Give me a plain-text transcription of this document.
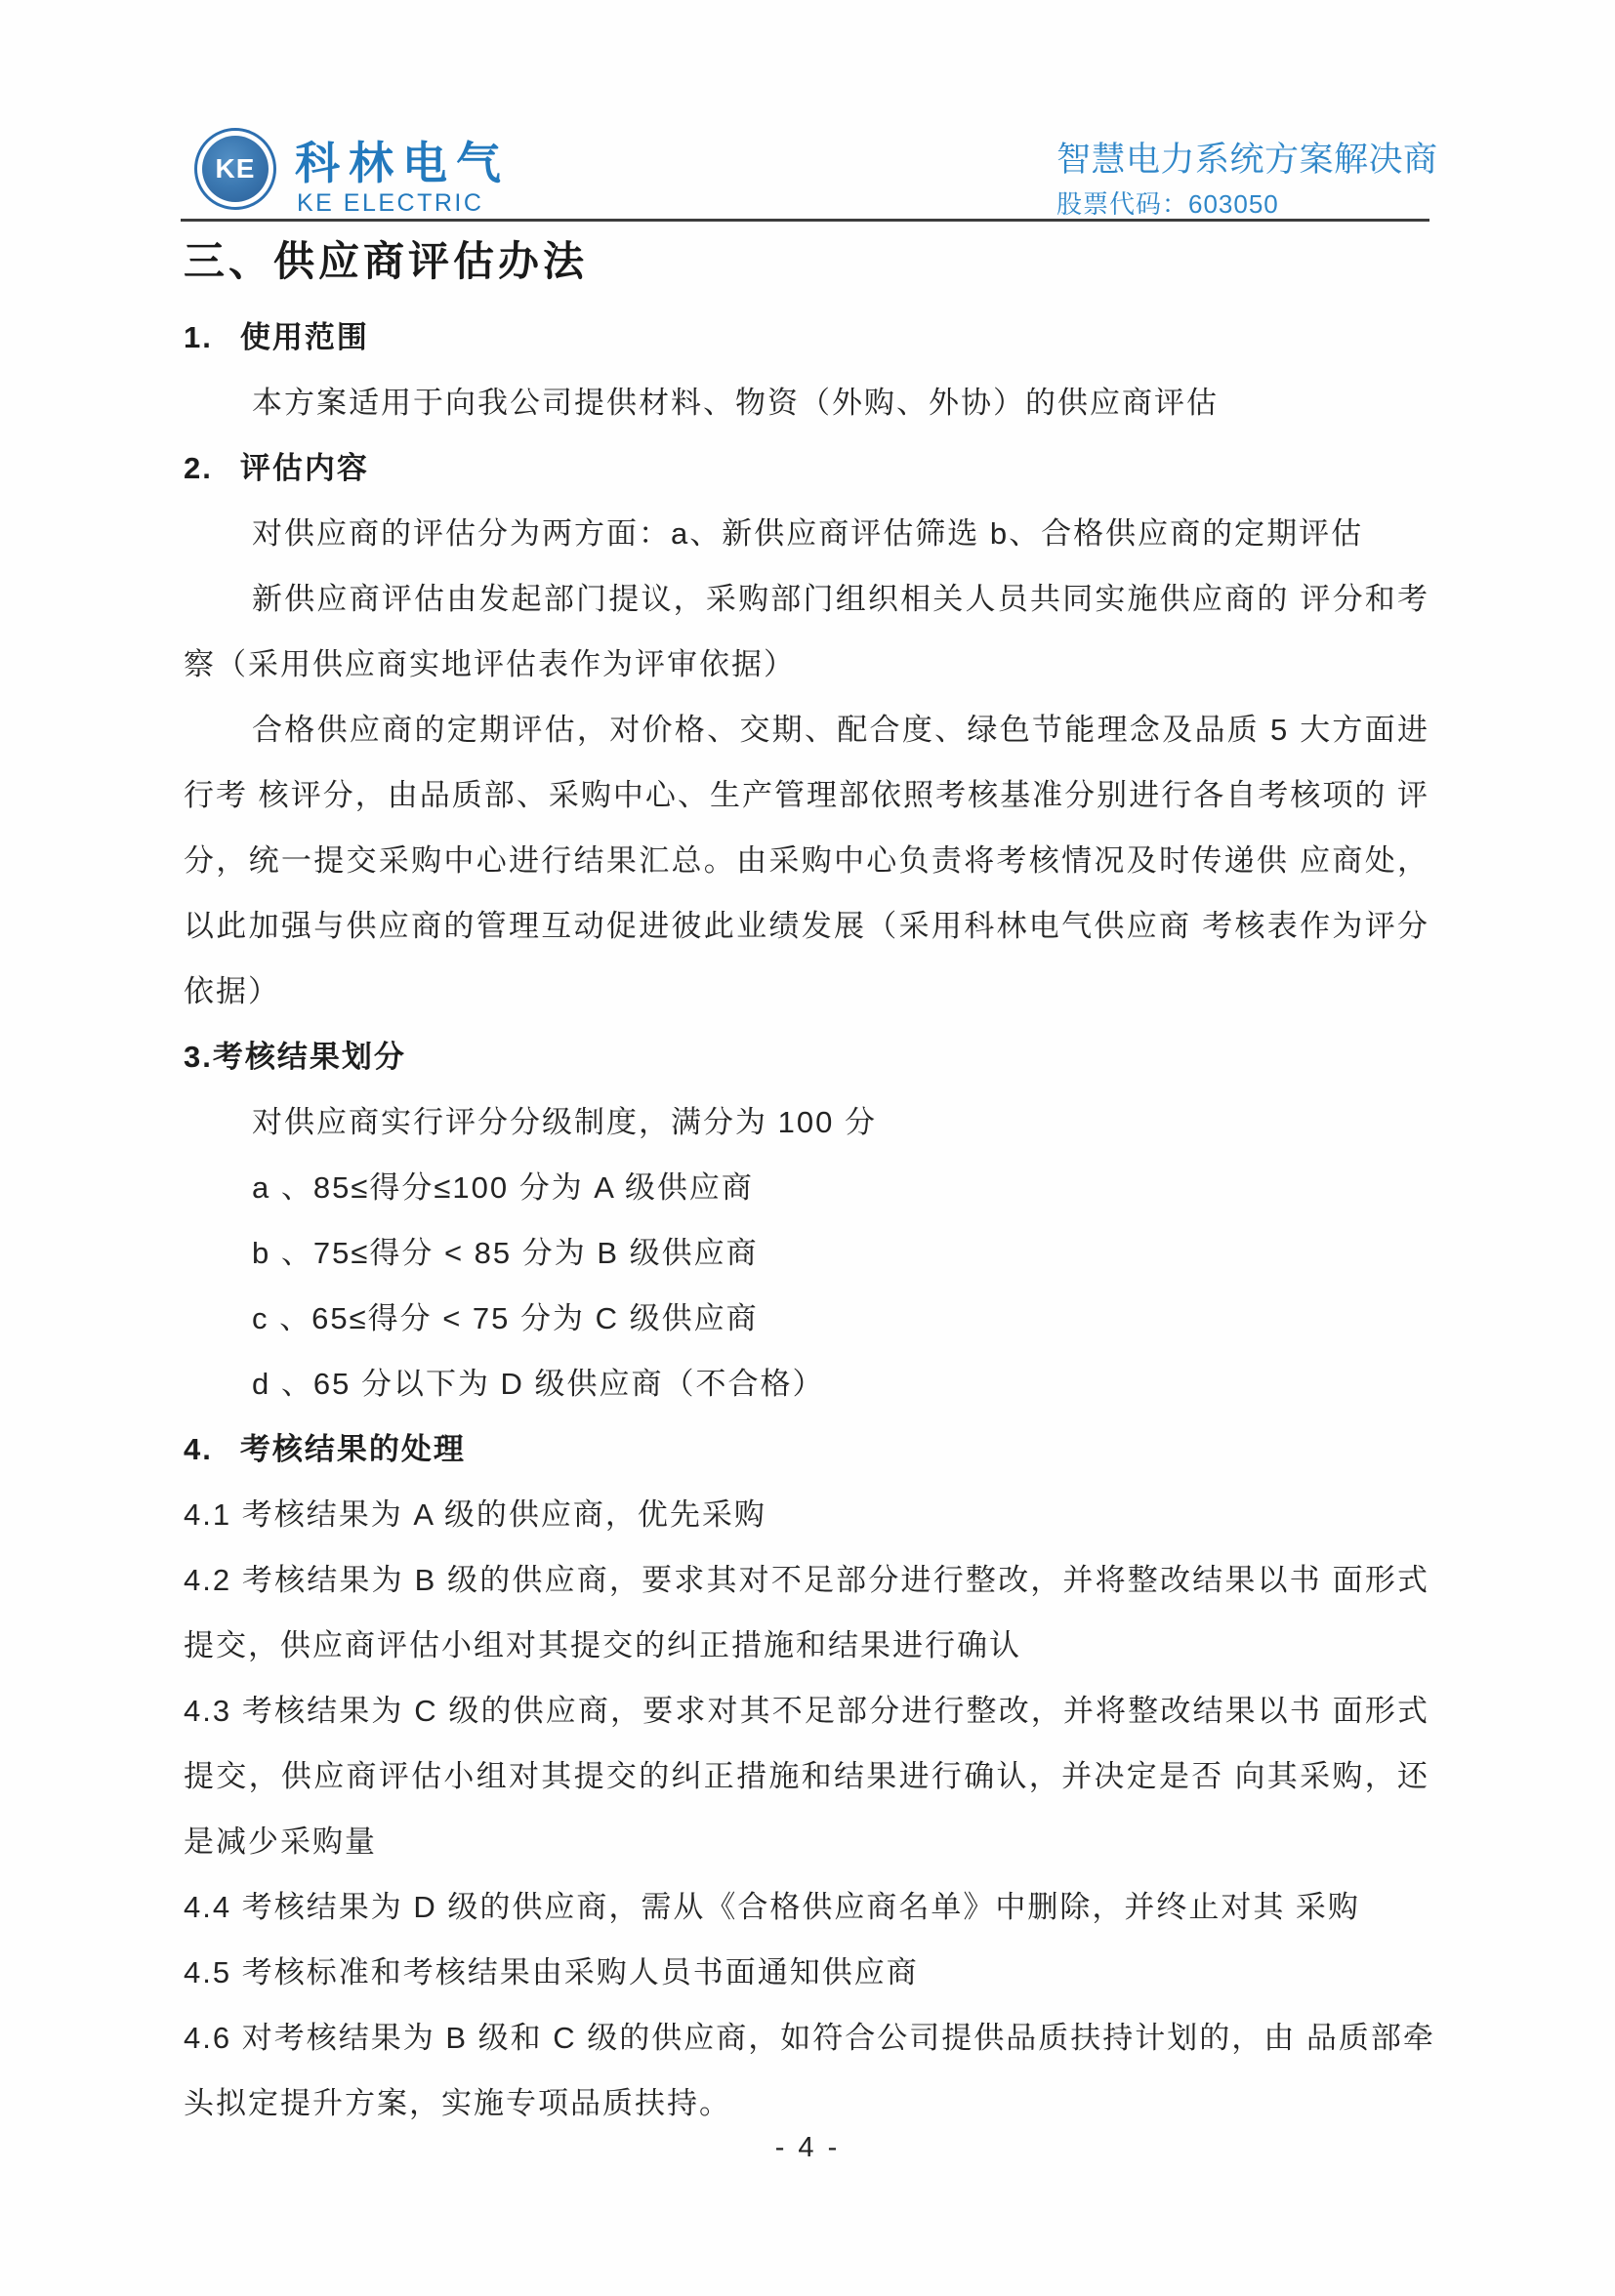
KE 科林电气
KE ELECTRIC
智慧电力系统方案解决商
股票代码：603050
三、供应商评估办法
1. 使用范围
本方案适用于向我公司提供材料、物资（外购、外协）的供应商评估
2. 评估内容
对供应商的评估分为两方面：a、新供应商评估筛选 b、合格供应商的定期评估
新供应商评估由发起部门提议，采购部门组织相关人员共同实施供应商的 评分和考
察（采用供应商实地评估表作为评审依据）
合格供应商的定期评估，对价格、交期、配合度、绿色节能理念及品质 5 大方面进
行考 核评分，由品质部、采购中心、生产管理部依照考核基准分别进行各自考核项的 评
分，统一提交采购中心进行结果汇总。由采购中心负责将考核情况及时传递供 应商处，
以此加强与供应商的管理互动促进彼此业绩发展（采用科林电气供应商 考核表作为评分
依据）
3.考核结果划分
对供应商实行评分分级制度，满分为 100 分
a 、85≤得分≤100 分为 A 级供应商
b 、75≤得分 < 85 分为 B 级供应商
c 、65≤得分 < 75 分为 C 级供应商
d 、65 分以下为 D 级供应商（不合格）
4. 考核结果的处理
4.1 考核结果为 A 级的供应商，优先采购
4.2 考核结果为 B 级的供应商，要求其对不足部分进行整改，并将整改结果以书 面形式
提交，供应商评估小组对其提交的纠正措施和结果进行确认
4.3 考核结果为 C 级的供应商，要求对其不足部分进行整改，并将整改结果以书 面形式
提交，供应商评估小组对其提交的纠正措施和结果进行确认，并决定是否 向其采购，还
是减少采购量
4.4 考核结果为 D 级的供应商，需从《合格供应商名单》中删除，并终止对其 采购
4.5 考核标准和考核结果由采购人员书面通知供应商
4.6 对考核结果为 B 级和 C 级的供应商，如符合公司提供品质扶持计划的，由 品质部牵
头拟定提升方案，实施专项品质扶持。
- 4 -
